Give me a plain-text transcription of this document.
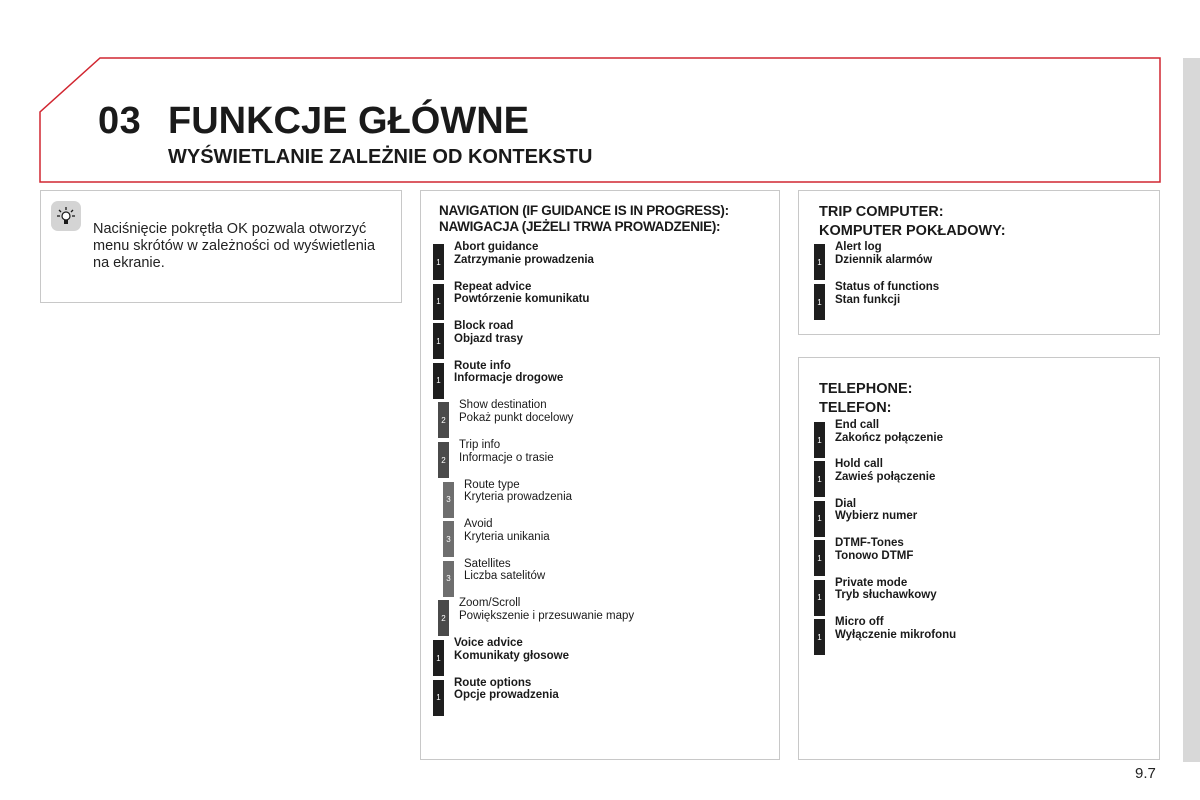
03 FUNKCJE GŁÓWNE
WYŚWIETLANIE ZALEŻNIE OD KONTEKSTU

Naciśnięcie pokrętła OK pozwala otworzyć menu skrótów w zależności od wyświetlenia na ekranie.

NAVIGATION (IF GUIDANCE IS IN PROGRESS):
NAWIGACJA (JEŻELI TRWA PROWADZENIE):
1
Abort guidance
Zatrzymanie prowadzenia
1
Repeat advice
Powtórzenie komunikatu
1
Block road
Objazd trasy
1
Route info
Informacje drogowe
2
Show destination
Pokaż punkt docelowy
2
Trip info
Informacje o trasie
3
Route type
Kryteria prowadzenia
3
Avoid
Kryteria unikania
3
Satellites
Liczba satelitów
2
Zoom/Scroll
Powiększenie i przesuwanie mapy
1
Voice advice
Komunikaty głosowe
1
Route options
Opcje prowadzenia
TRIP COMPUTER:
KOMPUTER POKŁADOWY:
1
Alert log
Dziennik alarmów
1
Status of functions
Stan funkcji
TELEPHONE:
TELEFON:
1
End call
Zakończ połączenie
1
Hold call
Zawieś połączenie
1
Dial
Wybierz numer
1
DTMF-Tones
Tonowo DTMF
1
Private mode
Tryb słuchawkowy
1
Micro off
Wyłączenie mikrofonu

9.7
